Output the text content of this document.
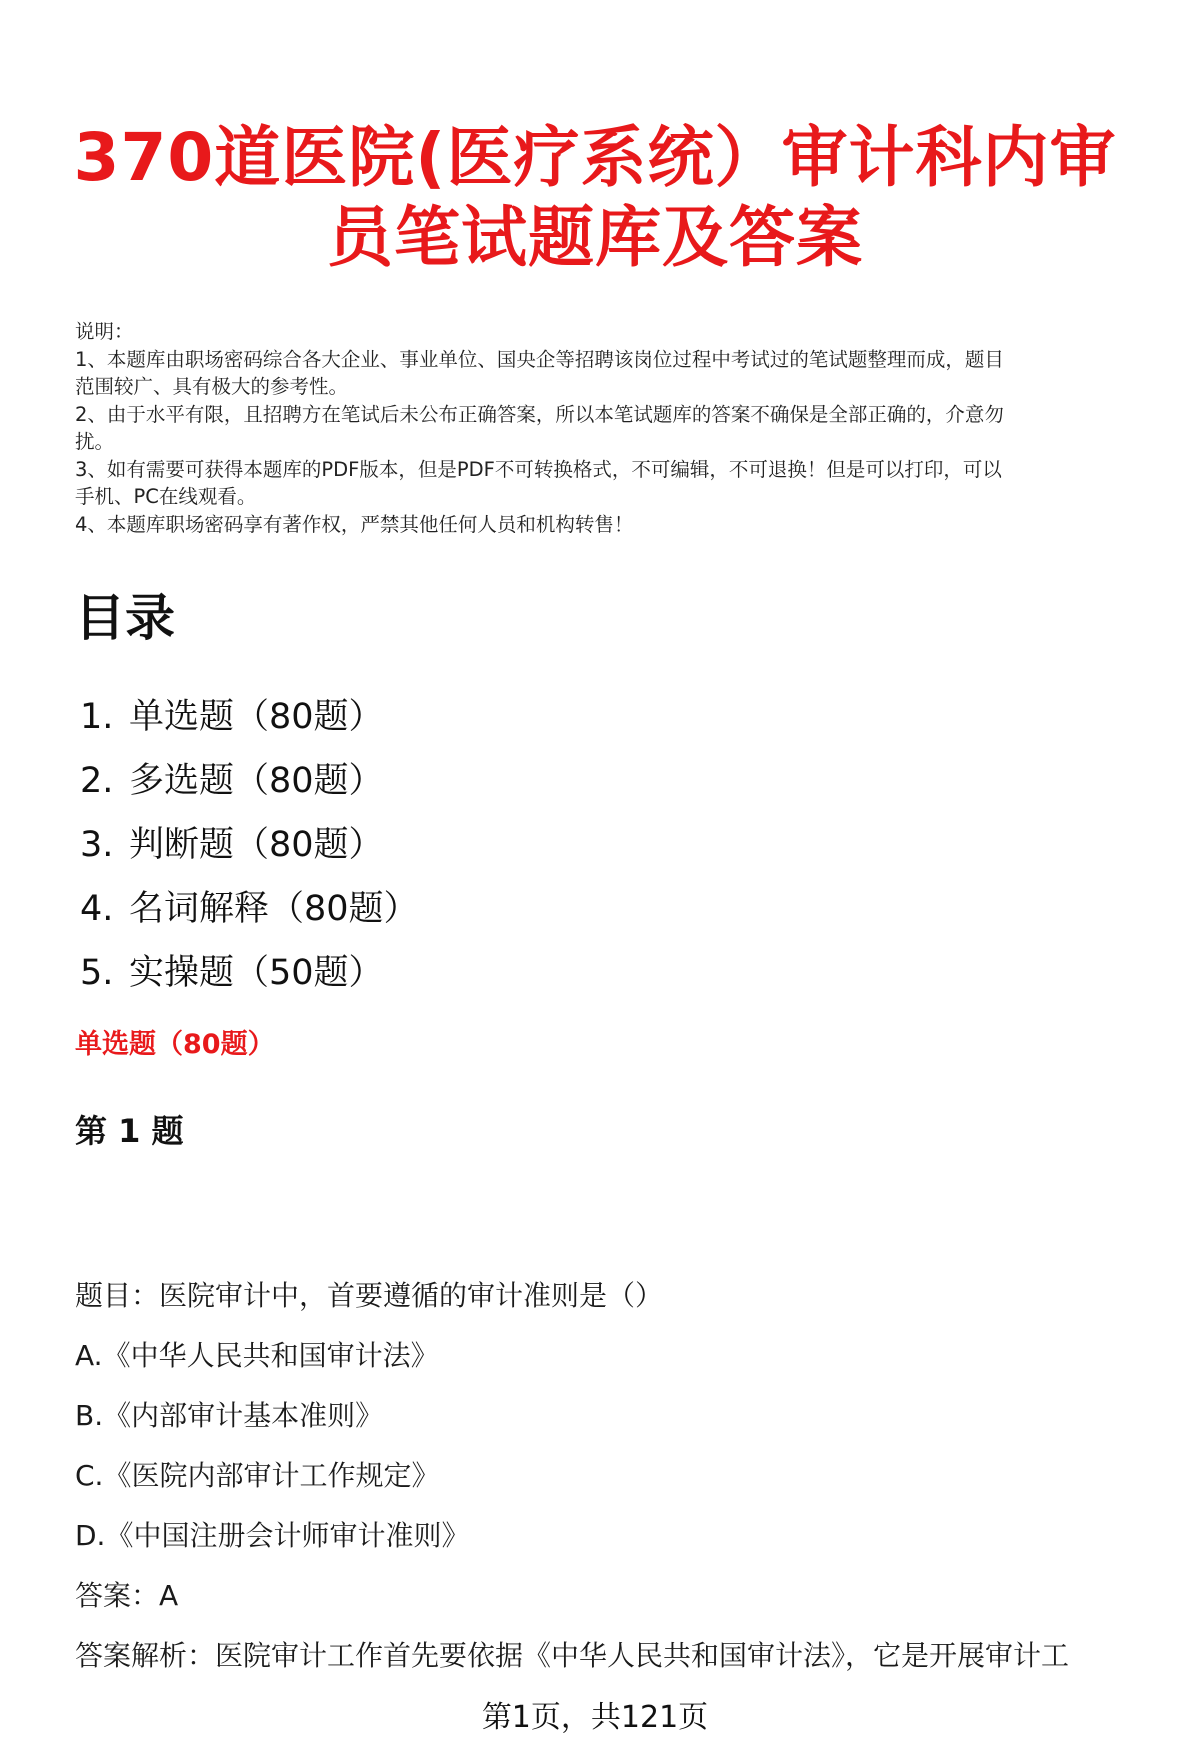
370道医院(医疗系统）审计科内审
员笔试题库及答案
说明：
1、本题库由职场密码综合各大企业、事业单位、国央企等招聘该岗位过程中考试过的笔试题整理而成，题目
范围较广、具有极大的参考性。
2、由于水平有限，且招聘方在笔试后未公布正确答案，所以本笔试题库的答案不确保是全部正确的，介意勿
扰。
3、如有需要可获得本题库的PDF版本，但是PDF不可转换格式，不可编辑，不可退换！但是可以打印，可以
手机、PC在线观看。
4、本题库职场密码享有著作权，严禁其他任何人员和机构转售！
目录
1. 单选题（80题）
2. 多选题（80题）
3. 判断题（80题）
4. 名词解释（80题）
5. 实操题（50题）
单选题（80题）
第 1 题
题目：医院审计中，首要遵循的审计准则是（）
A.《中华人民共和国审计法》
B.《内部审计基本准则》
C.《医院内部审计工作规定》
D.《中国注册会计师审计准则》
答案：A
答案解析：医院审计工作首先要依据《中华人民共和国审计法》，它是开展审计工
第1页，共121页
